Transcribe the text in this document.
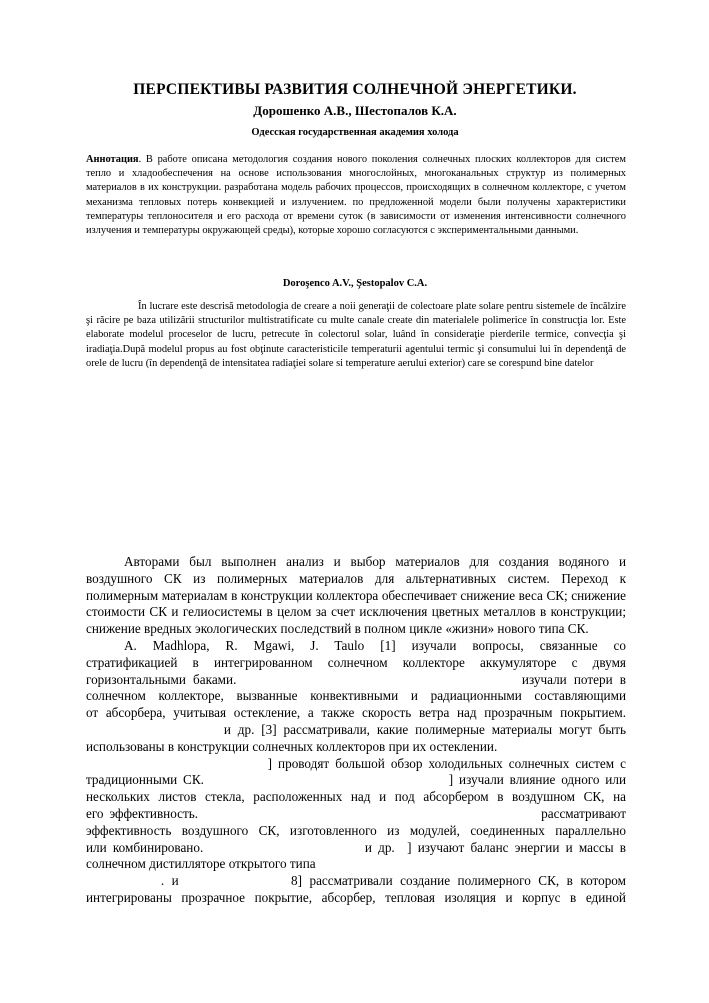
ПЕРСПЕКТИВЫ РАЗВИТИЯ СОЛНЕЧНОЙ ЭНЕРГЕТИКИ.
Дорошенко А.В., Шестопалов К.А.
Одесская государственная академия холода
Аннотация. В работе описана методология создания нового поколения солнечных плоских коллекторов для систем тепло и хладообеспечения на основе использования многослойных, многоканальных структур из полимерных материалов в их конструкции. разработана модель рабочих процессов, происходящих в солнечном коллекторе, с учетом механизма тепловых потерь конвекцией и излучением. по предложенной модели были получены характеристики температуры теплоносителя и его расхода от времени суток (в зависимости от изменения интенсивности солнечного излучения и температуры окружающей среды), которые хорошо согласуются с экспериментальными данными.
Doroşenco A.V., Şestopalov C.A.
În lucrare este descrisă metodologia de creare a noii generaţii de colectoare plate solare pentru sistemele de încălzire şi răcire pe baza utilizării structurilor multistratificate cu multe canale create din materialele polimerice în construcţia lor. Este elaborate modelul proceselor de lucru, petrecute în colectorul solar, luând în consideraţie pierderile termice, convecţia şi iradiaţia.După modelul propus au fost obţinute caracteristicile temperaturii agentului termic şi consumului lui în dependenţă de orele de lucru (în dependenţă de intensitatea radiaţiei solare si temperature aerului exterior) care se corespund bine datelor

Авторами был выполнен анализ и выбор материалов для создания водяного и воздушного СК из полимерных материалов для альтернативных систем. Переход к полимерным материалам в конструкции коллектора обеспечивает снижение веса СК; снижение стоимости СК и гелиосистемы в целом за счет исключения цветных металлов в конструкции; снижение вредных экологических последствий в полном цикле «жизни» нового типа СК.

A. Madhlopa, R. Mgawi, J. Taulo [1] изучали вопросы, связанные со
стратификацией в интегрированном солнечном коллекторе аккумуляторе с двумя
горизонтальными баками.                                        изучали потери в
солнечном коллекторе, вызванные конвективными и радиационными составляющими
от абсорбера, учитывая остекление, а также скорость ветра над прозрачным покрытием.
и др. [3] рассматривали, какие полимерные материалы могут быть
использованы в конструкции солнечных коллекторов при их остеклении.
] проводят большой обзор холодильных солнечных систем с
традиционными СК.                                          ] изучали влияние одного или
нескольких листов стекла, расположенных над и под абсорбером в воздушном СК, на
его эффективность.                                                          рассматривают
эффективность воздушного СК, изготовленного из модулей, соединенных параллельно
или комбинировано.                          и др.  ] изучают баланс энергии и массы в
солнечном дистилляторе открытого типа
. и               8] рассматривали создание полимерного СК, в котором
интегрированы прозрачное покрытие, абсорбер, тепловая изоляция и корпус в единой
